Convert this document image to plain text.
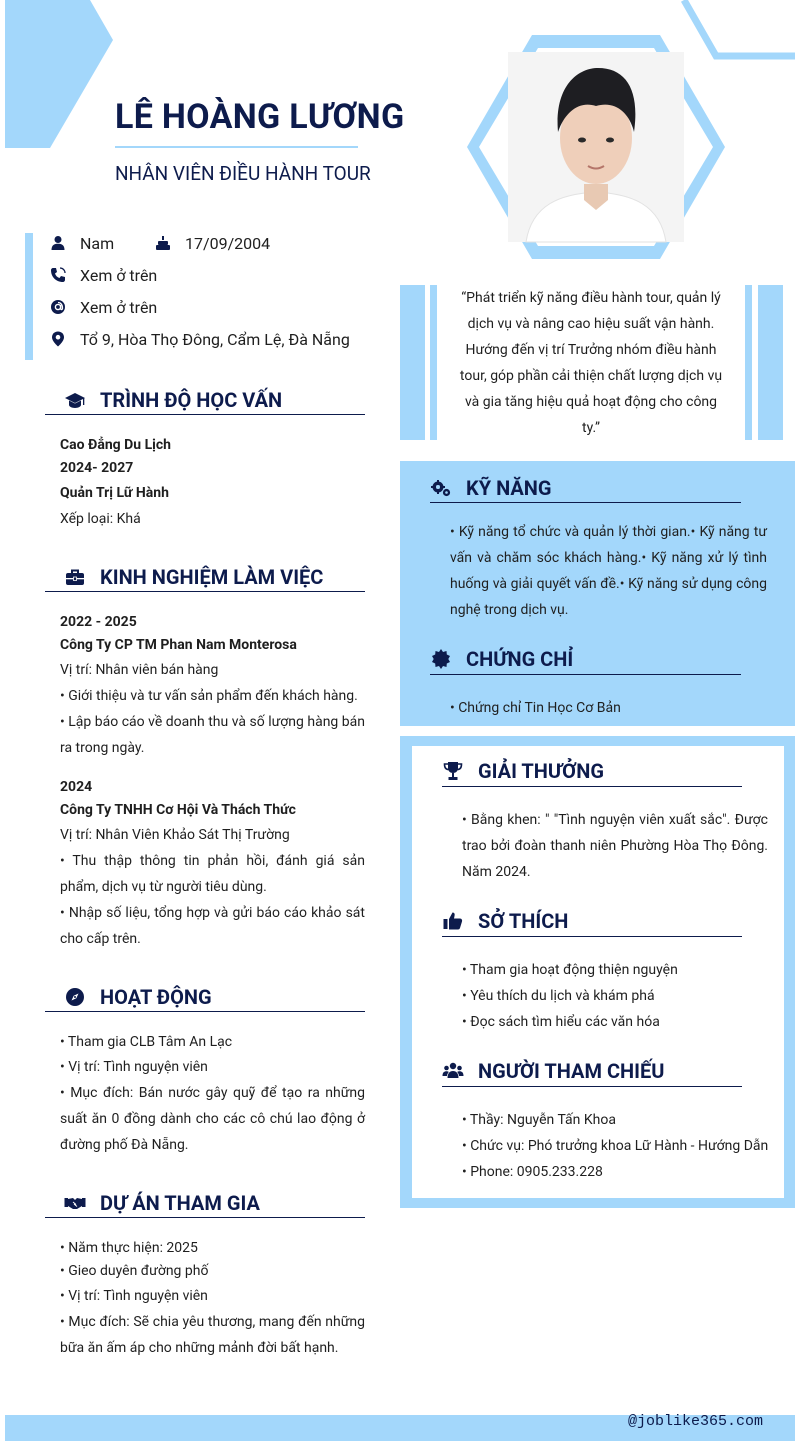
LÊ HOÀNG LƯƠNG
NHÂN VIÊN ĐIỀU HÀNH TOUR
Nam	17/09/2004
Xem ở trên
Xem ở trên
Tổ 9, Hòa Thọ Đông, Cẩm Lệ, Đà Nẵng
“Phát triển kỹ năng điều hành tour, quản lý dịch vụ và nâng cao hiệu suất vận hành. Hướng đến vị trí Trưởng nhóm điều hành tour, góp phần cải thiện chất lượng dịch vụ và gia tăng hiệu quả hoạt động cho công ty.”
TRÌNH ĐỘ HỌC VẤN
Cao Đẳng Du Lịch
2024- 2027
Quản Trị Lữ Hành
Xếp loại: Khá
KINH NGHIỆM LÀM VIỆC
2022 - 2025
Công Ty CP TM Phan Nam Monterosa
Vị trí: Nhân viên bán hàng
• Giới thiệu và tư vấn sản phẩm đến khách hàng.
• Lập báo cáo về doanh thu và số lượng hàng bán ra trong ngày.
2024
Công Ty TNHH Cơ Hội Và Thách Thức
Vị trí: Nhân Viên Khảo Sát Thị Trường
• Thu thập thông tin phản hồi, đánh giá sản phẩm, dịch vụ từ người tiêu dùng.
• Nhập số liệu, tổng hợp và gửi báo cáo khảo sát cho cấp trên.
HOẠT ĐỘNG
• Tham gia CLB Tâm An Lạc
• Vị trí: Tình nguyện viên
• Mục đích: Bán nước gây quỹ để tạo ra những suất ăn 0 đồng dành cho các cô chú lao động ở đường phố Đà Nẵng.
DỰ ÁN THAM GIA
• Năm thực hiện: 2025
• Gieo duyên đường phố
• Vị trí: Tình nguyện viên
• Mục đích: Sẽ chia yêu thương, mang đến những bữa ăn ấm áp cho những mảnh đời bất hạnh.
KỸ NĂNG
• Kỹ năng tổ chức và quản lý thời gian.• Kỹ năng tư vấn và chăm sóc khách hàng.• Kỹ năng xử lý tình huống và giải quyết vấn đề.• Kỹ năng sử dụng công nghệ trong dịch vụ.
CHỨNG CHỈ
• Chứng chỉ Tin Học Cơ Bản
GIẢI THƯỞNG
• Bằng khen: " "Tình nguyện viên xuất sắc". Được trao bởi đoàn thanh niên Phường Hòa Thọ Đông. Năm 2024.
SỞ THÍCH
• Tham gia hoạt động thiện nguyện
• Yêu thích du lịch và khám phá
• Đọc sách tìm hiểu các văn hóa
NGƯỜI THAM CHIẾU
• Thầy: Nguyễn Tấn Khoa
• Chức vụ: Phó trưởng khoa Lữ Hành - Hướng Dẫn
• Phone: 0905.233.228
@joblike365.com
